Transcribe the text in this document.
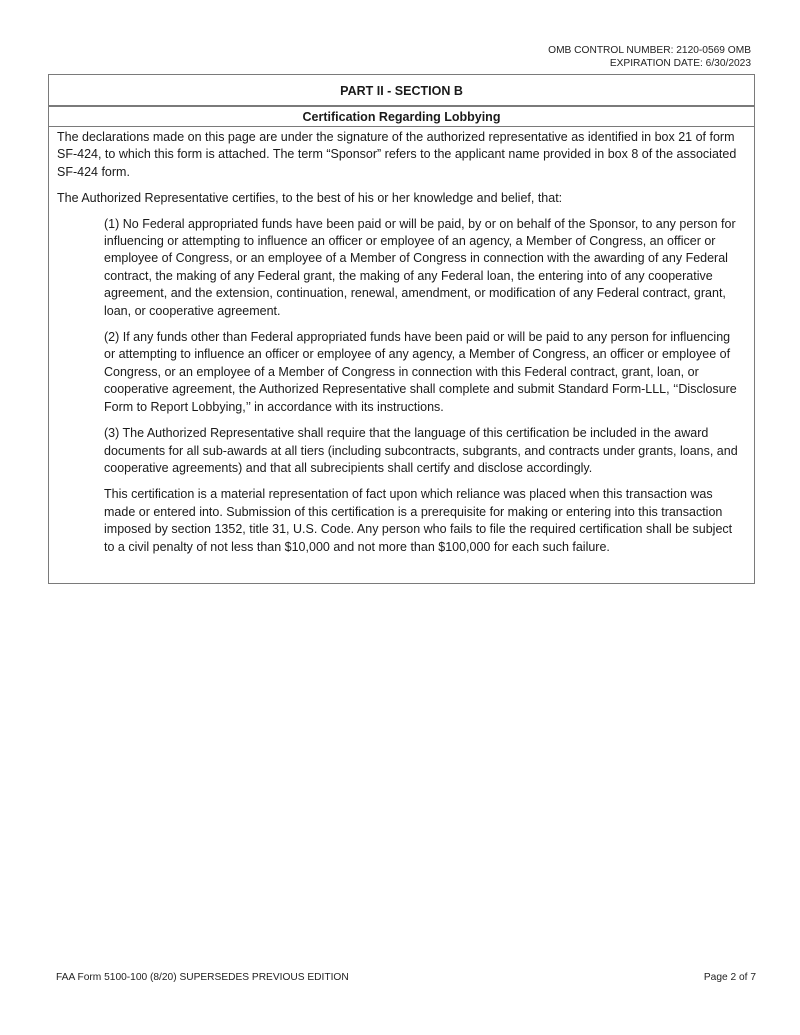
OMB CONTROL NUMBER: 2120-0569 OMB
EXPIRATION DATE: 6/30/2023
PART II - SECTION B
Certification Regarding Lobbying

The declarations made on this page are under the signature of the authorized representative as identified in box 21 of form SF-424, to which this form is attached. The term “Sponsor” refers to the applicant name provided in box 8 of the associated SF-424 form.

The Authorized Representative certifies, to the best of his or her knowledge and belief, that:

(1) No Federal appropriated funds have been paid or will be paid, by or on behalf of the Sponsor, to any person for influencing or attempting to influence an officer or employee of an agency, a Member of Congress, an officer or employee of Congress, or an employee of a Member of Congress in connection with the awarding of any Federal contract, the making of any Federal grant, the making of any Federal loan, the entering into of any cooperative agreement, and the extension, continuation, renewal, amendment, or modification of any Federal contract, grant, loan, or cooperative agreement.

(2) If any funds other than Federal appropriated funds have been paid or will be paid to any person for influencing or attempting to influence an officer or employee of any agency, a Member of Congress, an officer or employee of Congress, or an employee of a Member of Congress in connection with this Federal contract, grant, loan, or cooperative agreement, the Authorized Representative shall complete and submit Standard Form-LLL, ‘‘Disclosure Form to Report Lobbying,’’ in accordance with its instructions.

(3) The Authorized Representative shall require that the language of this certification be included in the award documents for all sub-awards at all tiers (including subcontracts, subgrants, and contracts under grants, loans, and cooperative agreements) and that all subrecipients shall certify and disclose accordingly.

This certification is a material representation of fact upon which reliance was placed when this transaction was made or entered into. Submission of this certification is a prerequisite for making or entering into this transaction imposed by section 1352, title 31, U.S. Code. Any person who fails to file the required certification shall be subject to a civil penalty of not less than $10,000 and not more than $100,000 for each such failure.

FAA Form 5100-100 (8/20) SUPERSEDES PREVIOUS EDITION	Page 2 of 7
